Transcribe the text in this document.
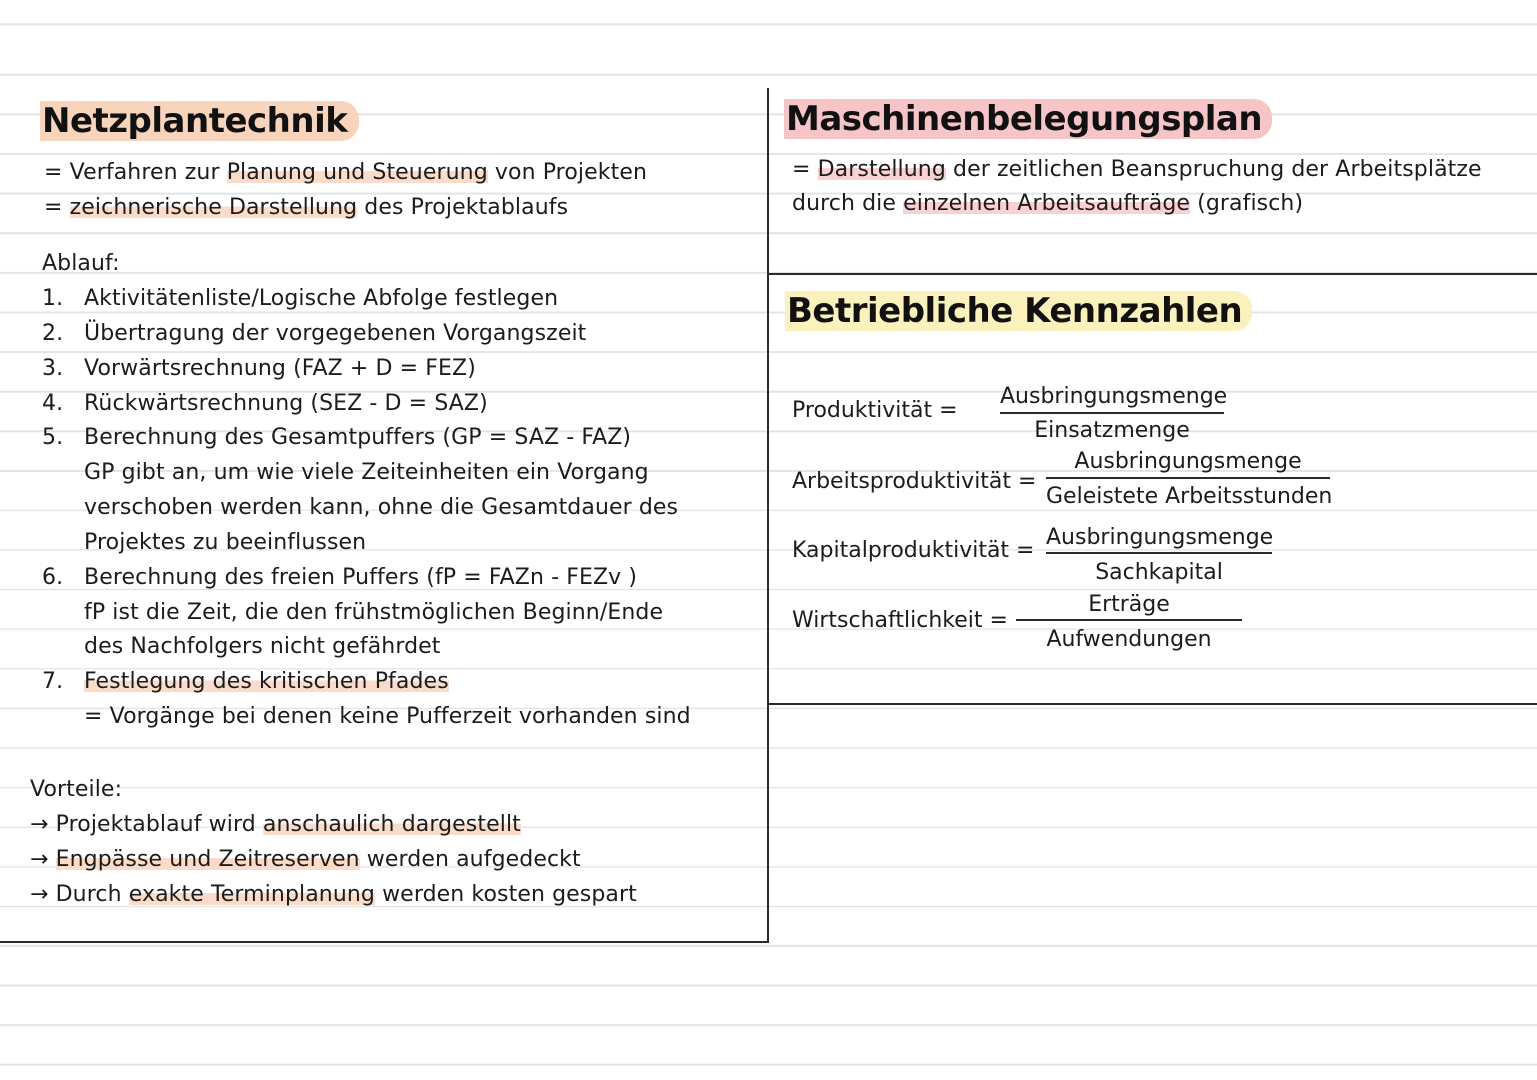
Netzplantechnik
= Verfahren zur Planung und Steuerung von Projekten
= zeichnerische Darstellung des Projektablaufs
Ablauf:
1. Aktivitätenliste/Logische Abfolge festlegen
2. Übertragung der vorgegebenen Vorgangszeit
3. Vorwärtsrechnung (FAZ + D = FEZ)
4. Rückwärtsrechnung (SEZ - D = SAZ)
5. Berechnung des Gesamtpuffers (GP = SAZ - FAZ)
GP gibt an, um wie viele Zeiteinheiten ein Vorgang
verschoben werden kann, ohne die Gesamtdauer des
Projektes zu beeinflussen
6. Berechnung des freien Puffers (fP = FAZn - FEZv )
fP ist die Zeit, die den frühstmöglichen Beginn/Ende
des Nachfolgers nicht gefährdet
7. Festlegung des kritischen Pfades
= Vorgänge bei denen keine Pufferzeit vorhanden sind
Vorteile:
→ Projektablauf wird anschaulich dargestellt
→ Engpässe und Zeitreserven werden aufgedeckt
→ Durch exakte Terminplanung werden kosten gespart
Maschinenbelegungsplan
= Darstellung der zeitlichen Beanspruchung der Arbeitsplätze
durch die einzelnen Arbeitsaufträge (grafisch)
Betriebliche Kennzahlen
Produktivität =
Ausbringungsmenge
Einsatzmenge
Arbeitsproduktivität =
Ausbringungsmenge
Geleistete Arbeitsstunden
Kapitalproduktivität =
Ausbringungsmenge
Sachkapital
Wirtschaftlichkeit =
Erträge
Aufwendungen
